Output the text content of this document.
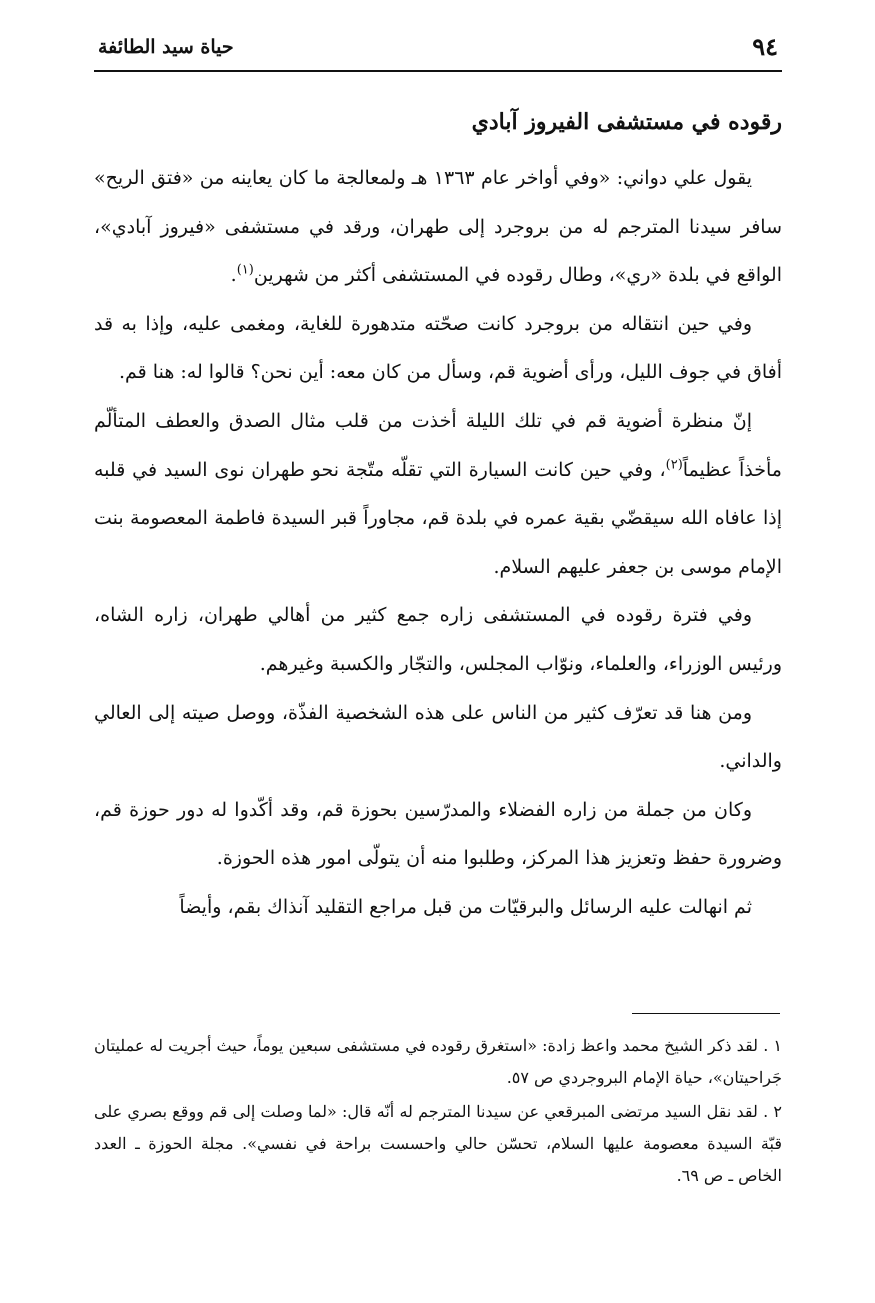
٩٤
حياة سيد الطائفة
رقوده في مستشفى الفيروز آبادي

يقول علي دواني: «وفي أواخر عام ١٣٦٣ هـ ولمعالجة ما كان يعاينه من «فتق الريح» سافر سيدنا المترجم له من بروجرد إلى طهران، ورقد في مستشفى «فيروز آبادي»، الواقع في بلدة «ري»، وطال رقوده في المستشفى أكثر من شهرين$^{(١)}$.

وفي حين انتقاله من بروجرد كانت صحّته متدهورة للغاية، ومغمى عليه، وإذا به قد أفاق في جوف الليل، ورأى أضوية قم، وسأل من كان معه: أين نحن؟ قالوا له: هنا قم.

إنّ منظرة أضوية قم في تلك الليلة أخذت من قلب مثال الصدق والعطف المتألّم مأخذاً عظيماً$^{(٢)}$، وفي حين كانت السيارة التي تقلّه متّجة نحو طهران نوى السيد في قلبه إذا عافاه الله سيقضّي بقية عمره في بلدة قم، مجاوراً قبر السيدة فاطمة المعصومة بنت الإمام موسى بن جعفر عليهم السلام.

وفي فترة رقوده في المستشفى زاره جمع كثير من أهالي طهران، زاره الشاه، ورئيس الوزراء، والعلماء، ونوّاب المجلس، والتجّار والكسبة وغيرهم.

ومن هنا قد تعرّف كثير من الناس على هذه الشخصية الفذّة، ووصل صيته إلى العالي والداني.

وكان من جملة من زاره الفضلاء والمدرّسين بحوزة قم، وقد أكّدوا له دور حوزة قم، وضرورة حفظ وتعزيز هذا المركز، وطلبوا منه أن يتولّى امور هذه الحوزة.

ثم انهالت عليه الرسائل والبرقيّات من قبل مراجع التقليد آنذاك بقم، وأيضاً

١ . لقد ذكر الشيخ محمد واعظ زادة: «استغرق رقوده في مستشفى سبعين يوماً، حيث أجريت له عمليتان جَراحيتان»، حياة الإمام البروجردي ص ٥٧.

٢ . لقد نقل السيد مرتضى المبرقعي عن سيدنا المترجم له أنّه قال: «لما وصلت إلى قم ووقع بصري على قبّة السيدة معصومة عليها السلام، تحسّن حالي واحسست براحة في نفسي». مجلة الحوزة ـ العدد الخاص ـ ص ٦٩.
